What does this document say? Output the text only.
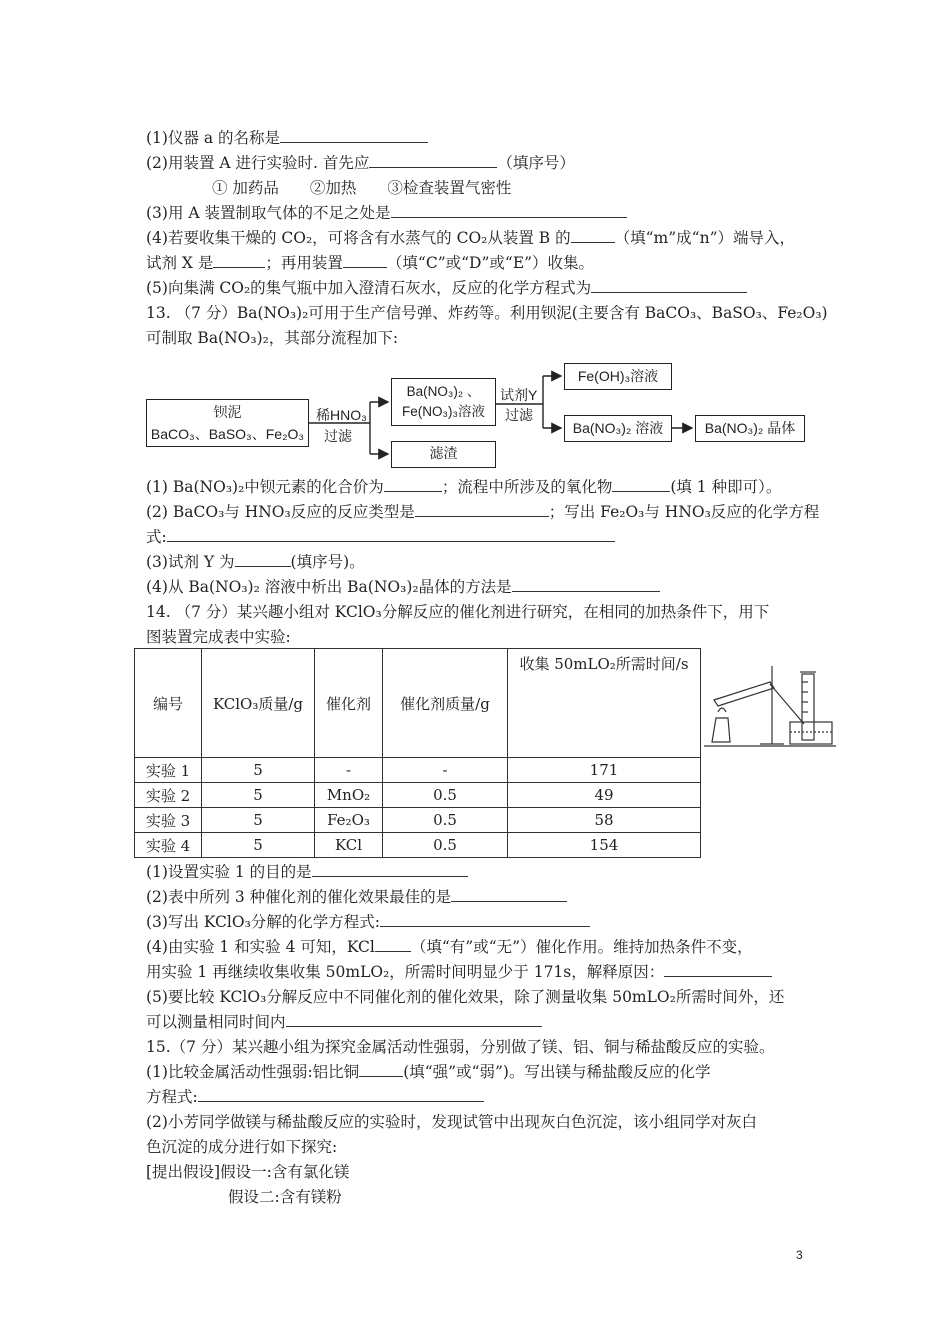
(1)仪器 a 的名称是
(2)用装置 A 进行实验时. 首先应	（填序号）
① 加药品　　②加热　　③检查装置气密性
(3)用 A 装置制取气体的不足之处是
(4)若要收集干燥的 CO₂，可将含有水蒸气的 CO₂从装置 B 的	（填“m”成“n”）端导入，
试剂 X 是	；再用装置	（填“C”或“D”或“E”）收集。
(5)向集满 CO₂的集气瓶中加入澄清石灰水，反应的化学方程式为
13. （7 分）Ba(NO₃)₂可用于生产信号弹、炸药等。利用钡泥(主要含有 BaCO₃、BaSO₃、Fe₂O₃)
可制取 Ba(NO₃)₂，其部分流程加下:
钡泥
BaCO₃、BaSO₃、Fe₂O₃
稀HNO₃
过滤
Ba(NO₃)₂ 、
Fe(NO₃)₃溶液
滤渣
试剂Y
过滤
Fe(OH)₃溶液
Ba(NO₃)₂ 溶液	Ba(NO₃)₂ 晶体
(1) Ba(NO₃)₂中钡元素的化合价为	；流程中所涉及的氧化物	(填 1 种即可）。
(2) BaCO₃与 HNO₃反应的反应类型是	；写出 Fe₂O₃与 HNO₃反应的化学方程
式:
(3)试剂 Y 为	(填序号)。
(4)从 Ba(NO₃)₂ 溶液中析出 Ba(NO₃)₂晶体的方法是
14. （7 分）某兴趣小组对 KClO₃分解反应的催化剂进行研究，在相同的加热条件下，用下
图装置完成表中实验:
编号	KClO₃质量/g	催化剂	催化剂质量/g	收集 50mLO₂所需时间/s
实验 1	5	-	-	171
实验 2	5	MnO₂	0.5	49
实验 3	5	Fe₂O₃	0.5	58
实验 4	5	KCl	0.5	154
(1)设置实验 1 的目的是
(2)表中所列 3 种催化剂的催化效果最佳的是
(3)写出 KClO₃分解的化学方程式:
(4)由实验 1 和实验 4 可知，KCl （填“有”或“无”）催化作用。维持加热条件不变，
用实验 1 再继续收集收集 50mLO₂，所需时间明显少于 171s，解释原因：
(5)要比较 KClO₃分解反应中不同催化剂的催化效果，除了测量收集 50mLO₂所需时间外，还
可以测量相同时间内
15.（7 分）某兴趣小组为探究金属活动性强弱，分别做了镁、铝、铜与稀盐酸反应的实验。
(1)比较金属活动性强弱:铝比铜	(填“强”或“弱”)。写出镁与稀盐酸反应的化学
方程式:
(2)小芳同学做镁与稀盐酸反应的实验时，发现试管中出现灰白色沉淀，该小组同学对灰白
色沉淀的成分进行如下探究:
[提出假设]假设一:含有氯化镁
假设二:含有镁粉
3
